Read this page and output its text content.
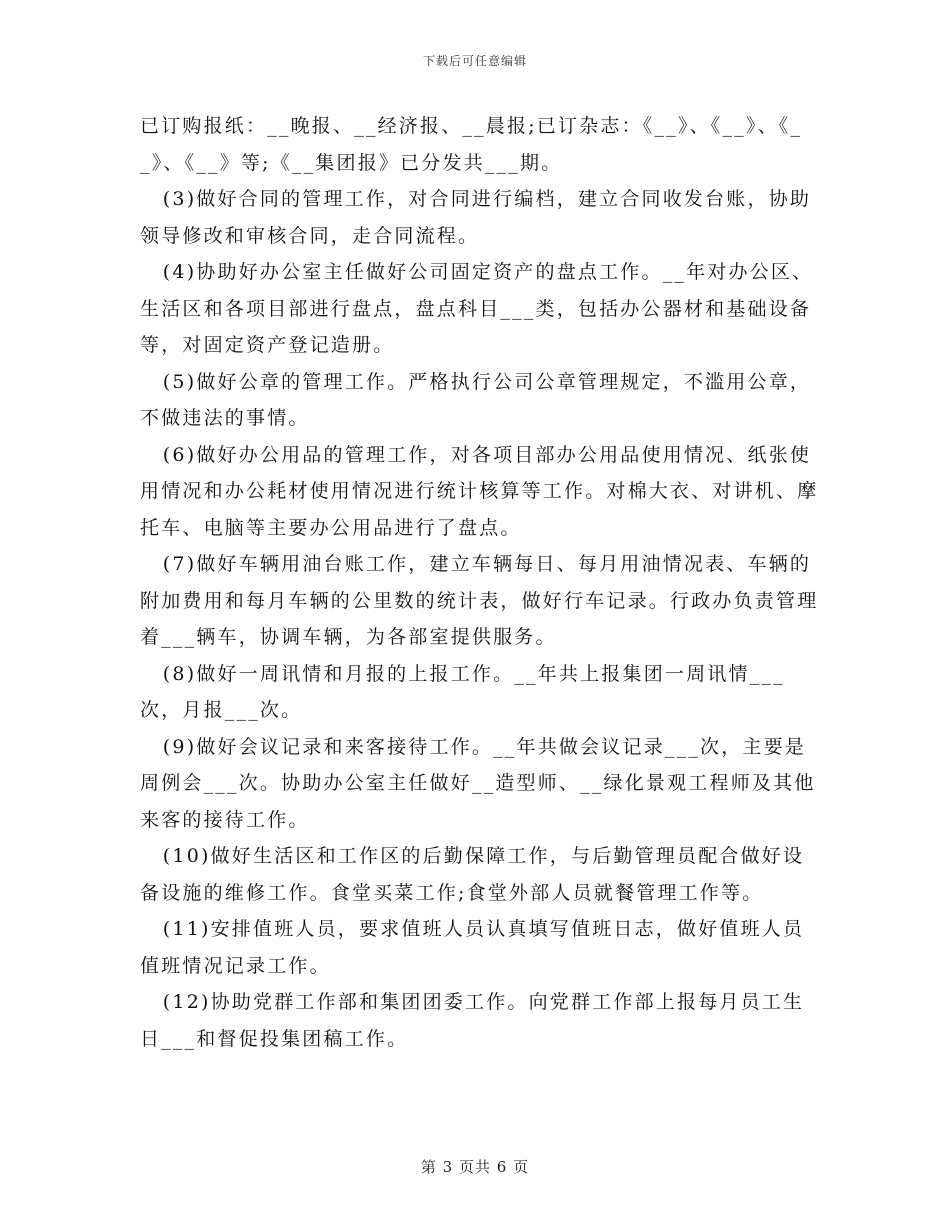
下载后可任意编辑

已订购报纸：__晚报、__经济报、__晨报;已订杂志：《__》、《__》、《__》、《__》等;《__集团报》已分发共___期。

(3)做好合同的管理工作，对合同进行编档，建立合同收发台账，协助领导修改和审核合同，走合同流程。

(4)协助好办公室主任做好公司固定资产的盘点工作。__年对办公区、生活区和各项目部进行盘点，盘点科目___类，包括办公器材和基础设备等，对固定资产登记造册。

(5)做好公章的管理工作。严格执行公司公章管理规定，不滥用公章，不做违法的事情。

(6)做好办公用品的管理工作，对各项目部办公用品使用情况、纸张使用情况和办公耗材使用情况进行统计核算等工作。对棉大衣、对讲机、摩托车、电脑等主要办公用品进行了盘点。

(7)做好车辆用油台账工作，建立车辆每日、每月用油情况表、车辆的附加费用和每月车辆的公里数的统计表，做好行车记录。行政办负责管理着___辆车，协调车辆，为各部室提供服务。

(8)做好一周讯情和月报的上报工作。__年共上报集团一周讯情___次，月报___次。

(9)做好会议记录和来客接待工作。__年共做会议记录___次，主要是周例会___次。协助办公室主任做好__造型师、__绿化景观工程师及其他来客的接待工作。

(10)做好生活区和工作区的后勤保障工作，与后勤管理员配合做好设备设施的维修工作。食堂买菜工作;食堂外部人员就餐管理工作等。

(11)安排值班人员，要求值班人员认真填写值班日志，做好值班人员值班情况记录工作。

(12)协助党群工作部和集团团委工作。向党群工作部上报每月员工生日___和督促投集团稿工作。

第 3 页共 6 页
